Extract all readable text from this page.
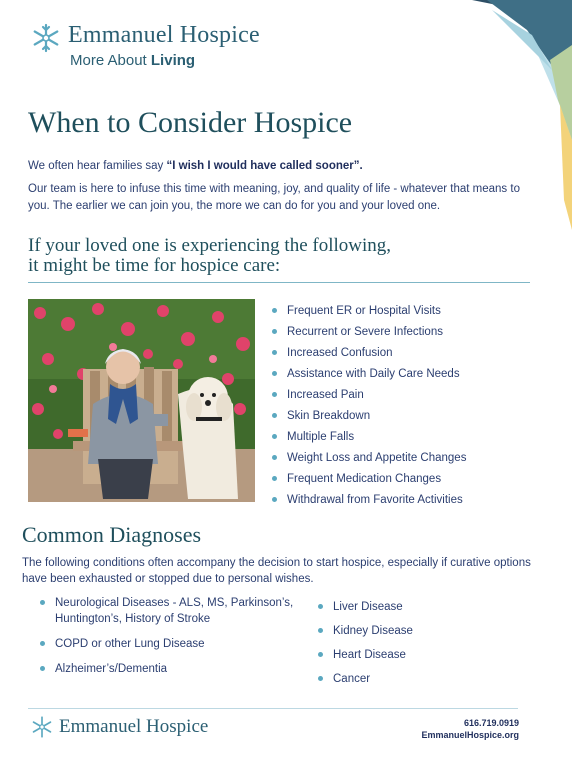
Emmanuel Hospice
More About Living
When to Consider Hospice
We often hear families say “I wish I would have called sooner”.
Our team is here to infuse this time with meaning, joy, and quality of life - whatever that means to you. The earlier we can join you, the more we can do for you and your loved one.
If your loved one is experiencing the following,
it might be time for hospice care:
Frequent ER or Hospital Visits
Recurrent or Severe Infections
Increased Confusion
Assistance with Daily Care Needs
Increased Pain
Skin Breakdown
Multiple Falls
Weight Loss and Appetite Changes
Frequent Medication Changes
Withdrawal from Favorite Activities
Common Diagnoses
The following conditions often accompany the decision to start hospice, especially if curative options have been exhausted or stopped due to personal wishes.
Neurological Diseases - ALS, MS, Parkinson’s, Huntington’s, History of Stroke
COPD or other Lung Disease
Alzheimer’s/Dementia
Liver Disease
Kidney Disease
Heart Disease
Cancer
Emmanuel Hospice	616.719.0919
EmmanuelHospice.org
